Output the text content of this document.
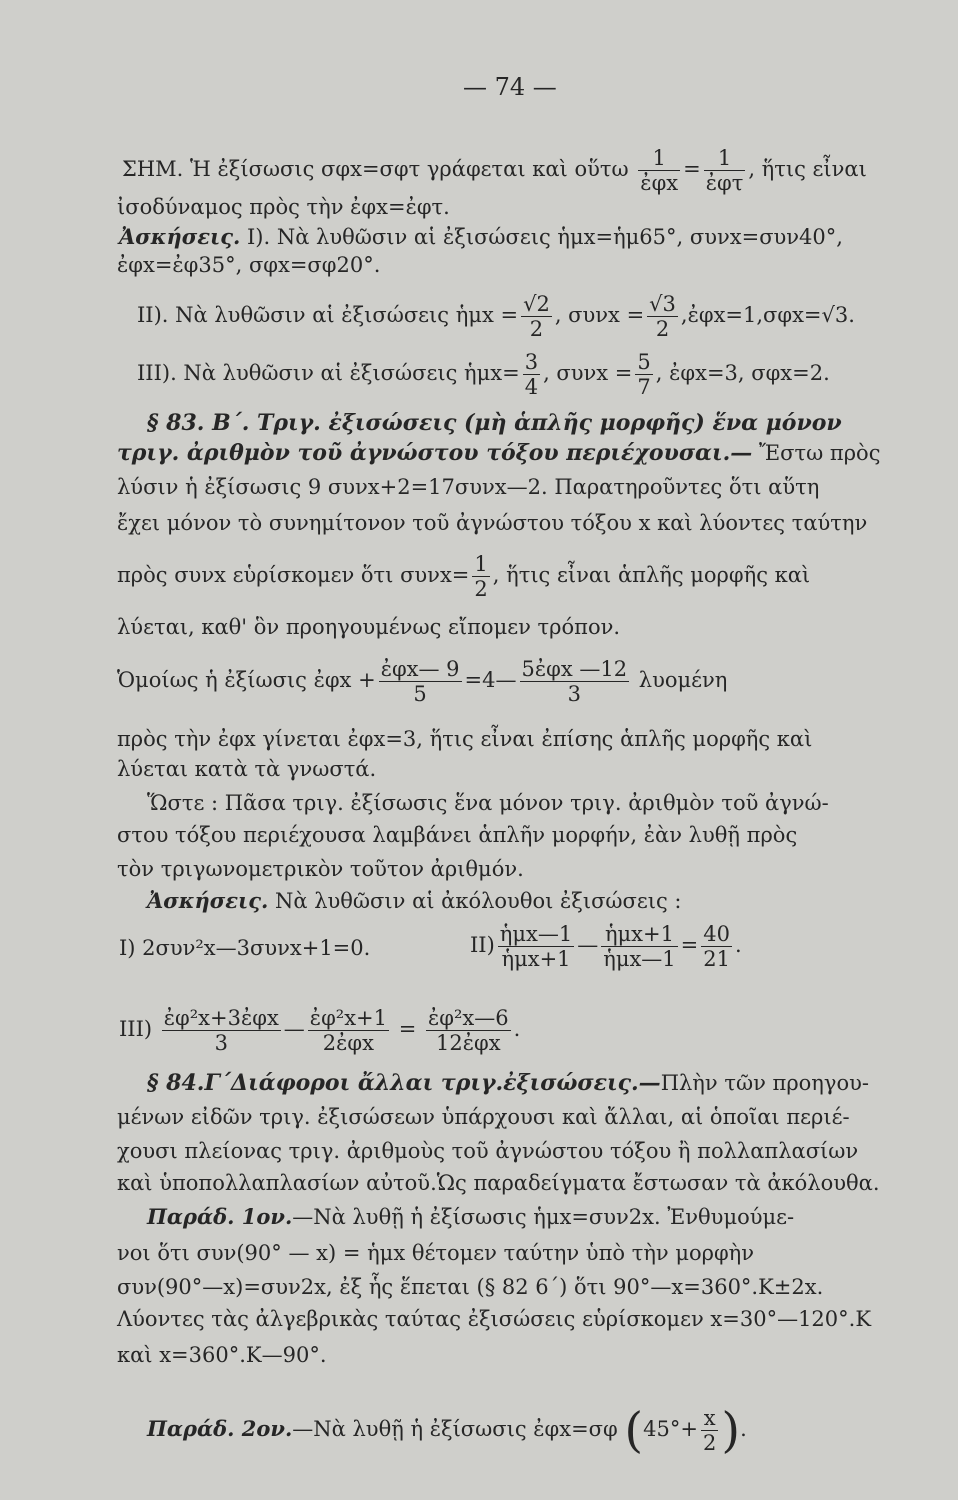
— 74 —
ΣΗΜ. Ἡ ἐξίσωσις σφx=σφτ γράφεται καὶ οὕτω $\frac{1}{\text{ἐφx}} = \frac{1}{\text{ἐφτ}}$ , ἥτις εἶναι
ἰσοδύναμος πρὸς τὴν ἐφx=ἐφτ.
Ἀσκήσεις. I). Νὰ λυθῶσιν αἱ ἐξισώσεις ἡμx=ἡμ65°, συνx=συν40°,
ἐφx=ἐφ35°, σφx=σφ20°.
II). Νὰ λυθῶσιν αἱ ἐξισώσεις ἡμx = $\frac{√2}{2}$ , $\sigma\upsilon\nu x = \frac{√3}{2}$ ,ἐφx=1,σφx=√3.
III). Νὰ λυθῶσιν αἱ ἐξισώσεις ἡμx= $\frac{3}{4}$ , $\sigma\upsilon\nu x = \frac{5}{7}$ , ἐφx=3, σφx=2.
§ 83. Β΄. Τριγ. ἐξισώσεις (μὴ ἁπλῆς μορφῆς) ἕνα μόνον
τριγ. ἀριθμὸν τοῦ ἀγνώστου τόξου περιέχουσαι.— Ἔστω πρὸς
λύσιν ἡ ἐξίσωσις 9 συνx+2=17συνx—2. Παρατηροῦντες ὅτι αὕτη
ἔχει μόνον τὸ συνημίτονον τοῦ ἀγνώστου τόξου x καὶ λύοντες ταύτην
πρὸς συνx εὑρίσκομεν ὅτι $\sigma\upsilon\nu x= \frac{1}{2}$ , ἥτις εἶναι ἁπλῆς μορφῆς καὶ
λύεται, καθ' ὃν προηγουμένως εἴπομεν τρόπον.
Ὁμοίως ἡ ἐξίωσις ἐφx + $\frac{\text{ἐφx— 9}}{5}$ =4— $\frac{\text{5ἐφx —12}}{3}$ λυομένη
πρὸς τὴν ἐφx γίνεται ἐφx=3, ἥτις εἶναι ἐπίσης ἁπλῆς μορφῆς καὶ
λύεται κατὰ τὰ γνωστά.
Ὥστε : Πᾶσα τριγ. ἐξίσωσις ἕνα μόνον τριγ. ἀριθμὸν τοῦ ἀγνώ-
στου τόξου περιέχουσα λαμβάνει ἁπλῆν μορφήν, ἐὰν λυθῇ πρὸς
τὸν τριγωνομετρικὸν τοῦτον ἀριθμόν.
Ἀσκήσεις. Νὰ λυθῶσιν αἱ ἀκόλουθοι ἐξισώσεις :
I) 2συν²x—3συνx+1=0.	$II) \frac{\text{ἡμx—1}}{\text{ἡμx+1}}$ — $\frac{\text{ἡμx+1}}{\text{ἡμx—1}} = \frac{40}{21}$ .
$III) \frac{\text{ἐφ²x+3ἐφx}}{3}$ — $\frac{\text{ἐφ²x+1}}{\text{2ἐφx}} = \frac{\text{ἐφ²x—6}}{\text{12ἐφx}}$ .
§ 84.Γ΄Διάφοροι ἄλλαι τριγ.ἐξισώσεις.—Πλὴν τῶν προηγου-
μένων εἰδῶν τριγ. ἐξισώσεων ὑπάρχουσι καὶ ἄλλαι, αἱ ὁποῖαι περιέ-
χουσι πλείονας τριγ. ἀριθμοὺς τοῦ ἀγνώστου τόξου ἢ πολλαπλασίων
καὶ ὑποπολλαπλασίων αὐτοῦ.Ὡς παραδείγματα ἔστωσαν τὰ ἀκόλουθα.
Παράδ. 1ον.—Νὰ λυθῇ ἡ ἐξίσωσις ἡμx=συν2x. Ἐνθυμούμε-
νοι ὅτι συν(90° — x) = ἡμx θέτομεν ταύτην ὑπὸ τὴν μορφὴν
συν(90°—x)=συν2x, ἐξ ἧς ἕπεται (§ 82 6΄) ὅτι 90°—x=360°.K±2x.
Λύοντες τὰς ἀλγεβρικὰς ταύτας ἐξισώσεις εὑρίσκομεν x=30°—120°.K
καὶ x=360°.K—90°.
Παράδ. 2ον.—Νὰ λυθῇ ἡ ἐξίσωσις ἐφx=σφ ($45^\circ+ \frac{x}{2}$ ).
